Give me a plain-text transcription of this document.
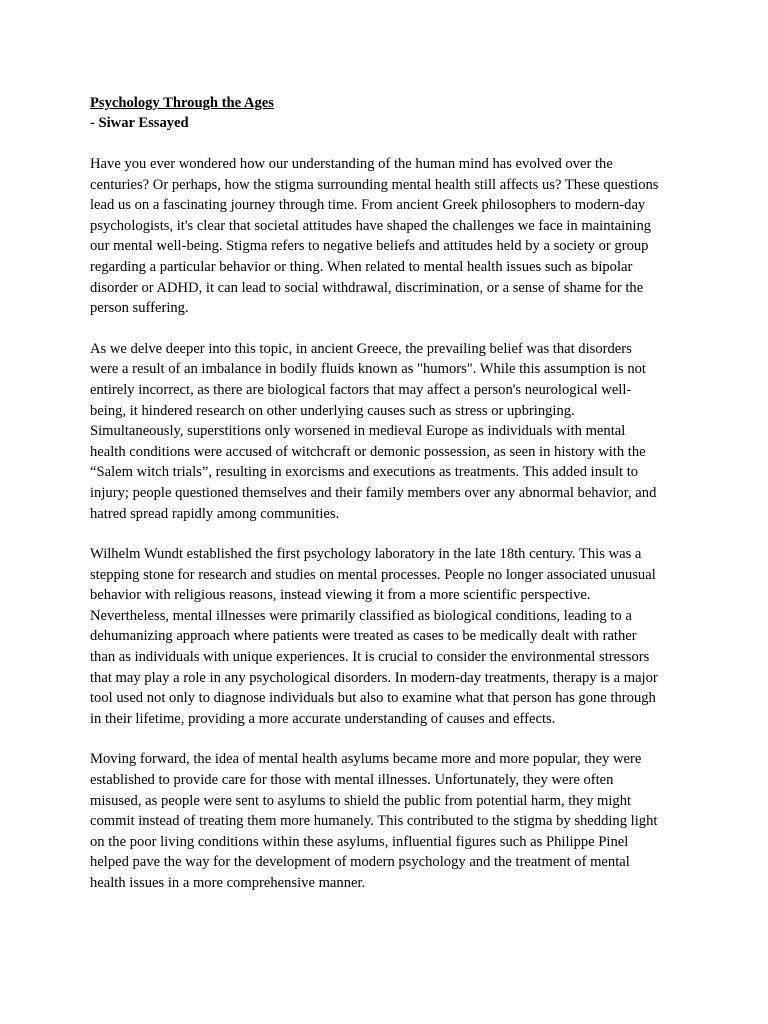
Psychology Through the Ages
- Siwar Essayed
Have you ever wondered how our understanding of the human mind has evolved over the
centuries? Or perhaps, how the stigma surrounding mental health still affects us? These questions
lead us on a fascinating journey through time. From ancient Greek philosophers to modern-day
psychologists, it's clear that societal attitudes have shaped the challenges we face in maintaining
our mental well-being. Stigma refers to negative beliefs and attitudes held by a society or group
regarding a particular behavior or thing. When related to mental health issues such as bipolar
disorder or ADHD, it can lead to social withdrawal, discrimination, or a sense of shame for the
person suffering.
As we delve deeper into this topic, in ancient Greece, the prevailing belief was that disorders
were a result of an imbalance in bodily fluids known as "humors". While this assumption is not
entirely incorrect, as there are biological factors that may affect a person's neurological well-
being, it hindered research on other underlying causes such as stress or upbringing.
Simultaneously, superstitions only worsened in medieval Europe as individuals with mental
health conditions were accused of witchcraft or demonic possession, as seen in history with the
“Salem witch trials”, resulting in exorcisms and executions as treatments. This added insult to
injury; people questioned themselves and their family members over any abnormal behavior, and
hatred spread rapidly among communities.
Wilhelm Wundt established the first psychology laboratory in the late 18th century. This was a
stepping stone for research and studies on mental processes. People no longer associated unusual
behavior with religious reasons, instead viewing it from a more scientific perspective.
Nevertheless, mental illnesses were primarily classified as biological conditions, leading to a
dehumanizing approach where patients were treated as cases to be medically dealt with rather
than as individuals with unique experiences. It is crucial to consider the environmental stressors
that may play a role in any psychological disorders. In modern-day treatments, therapy is a major
tool used not only to diagnose individuals but also to examine what that person has gone through
in their lifetime, providing a more accurate understanding of causes and effects.
Moving forward, the idea of mental health asylums became more and more popular, they were
established to provide care for those with mental illnesses. Unfortunately, they were often
misused, as people were sent to asylums to shield the public from potential harm, they might
commit instead of treating them more humanely. This contributed to the stigma by shedding light
on the poor living conditions within these asylums, influential figures such as Philippe Pinel
helped pave the way for the development of modern psychology and the treatment of mental
health issues in a more comprehensive manner.
